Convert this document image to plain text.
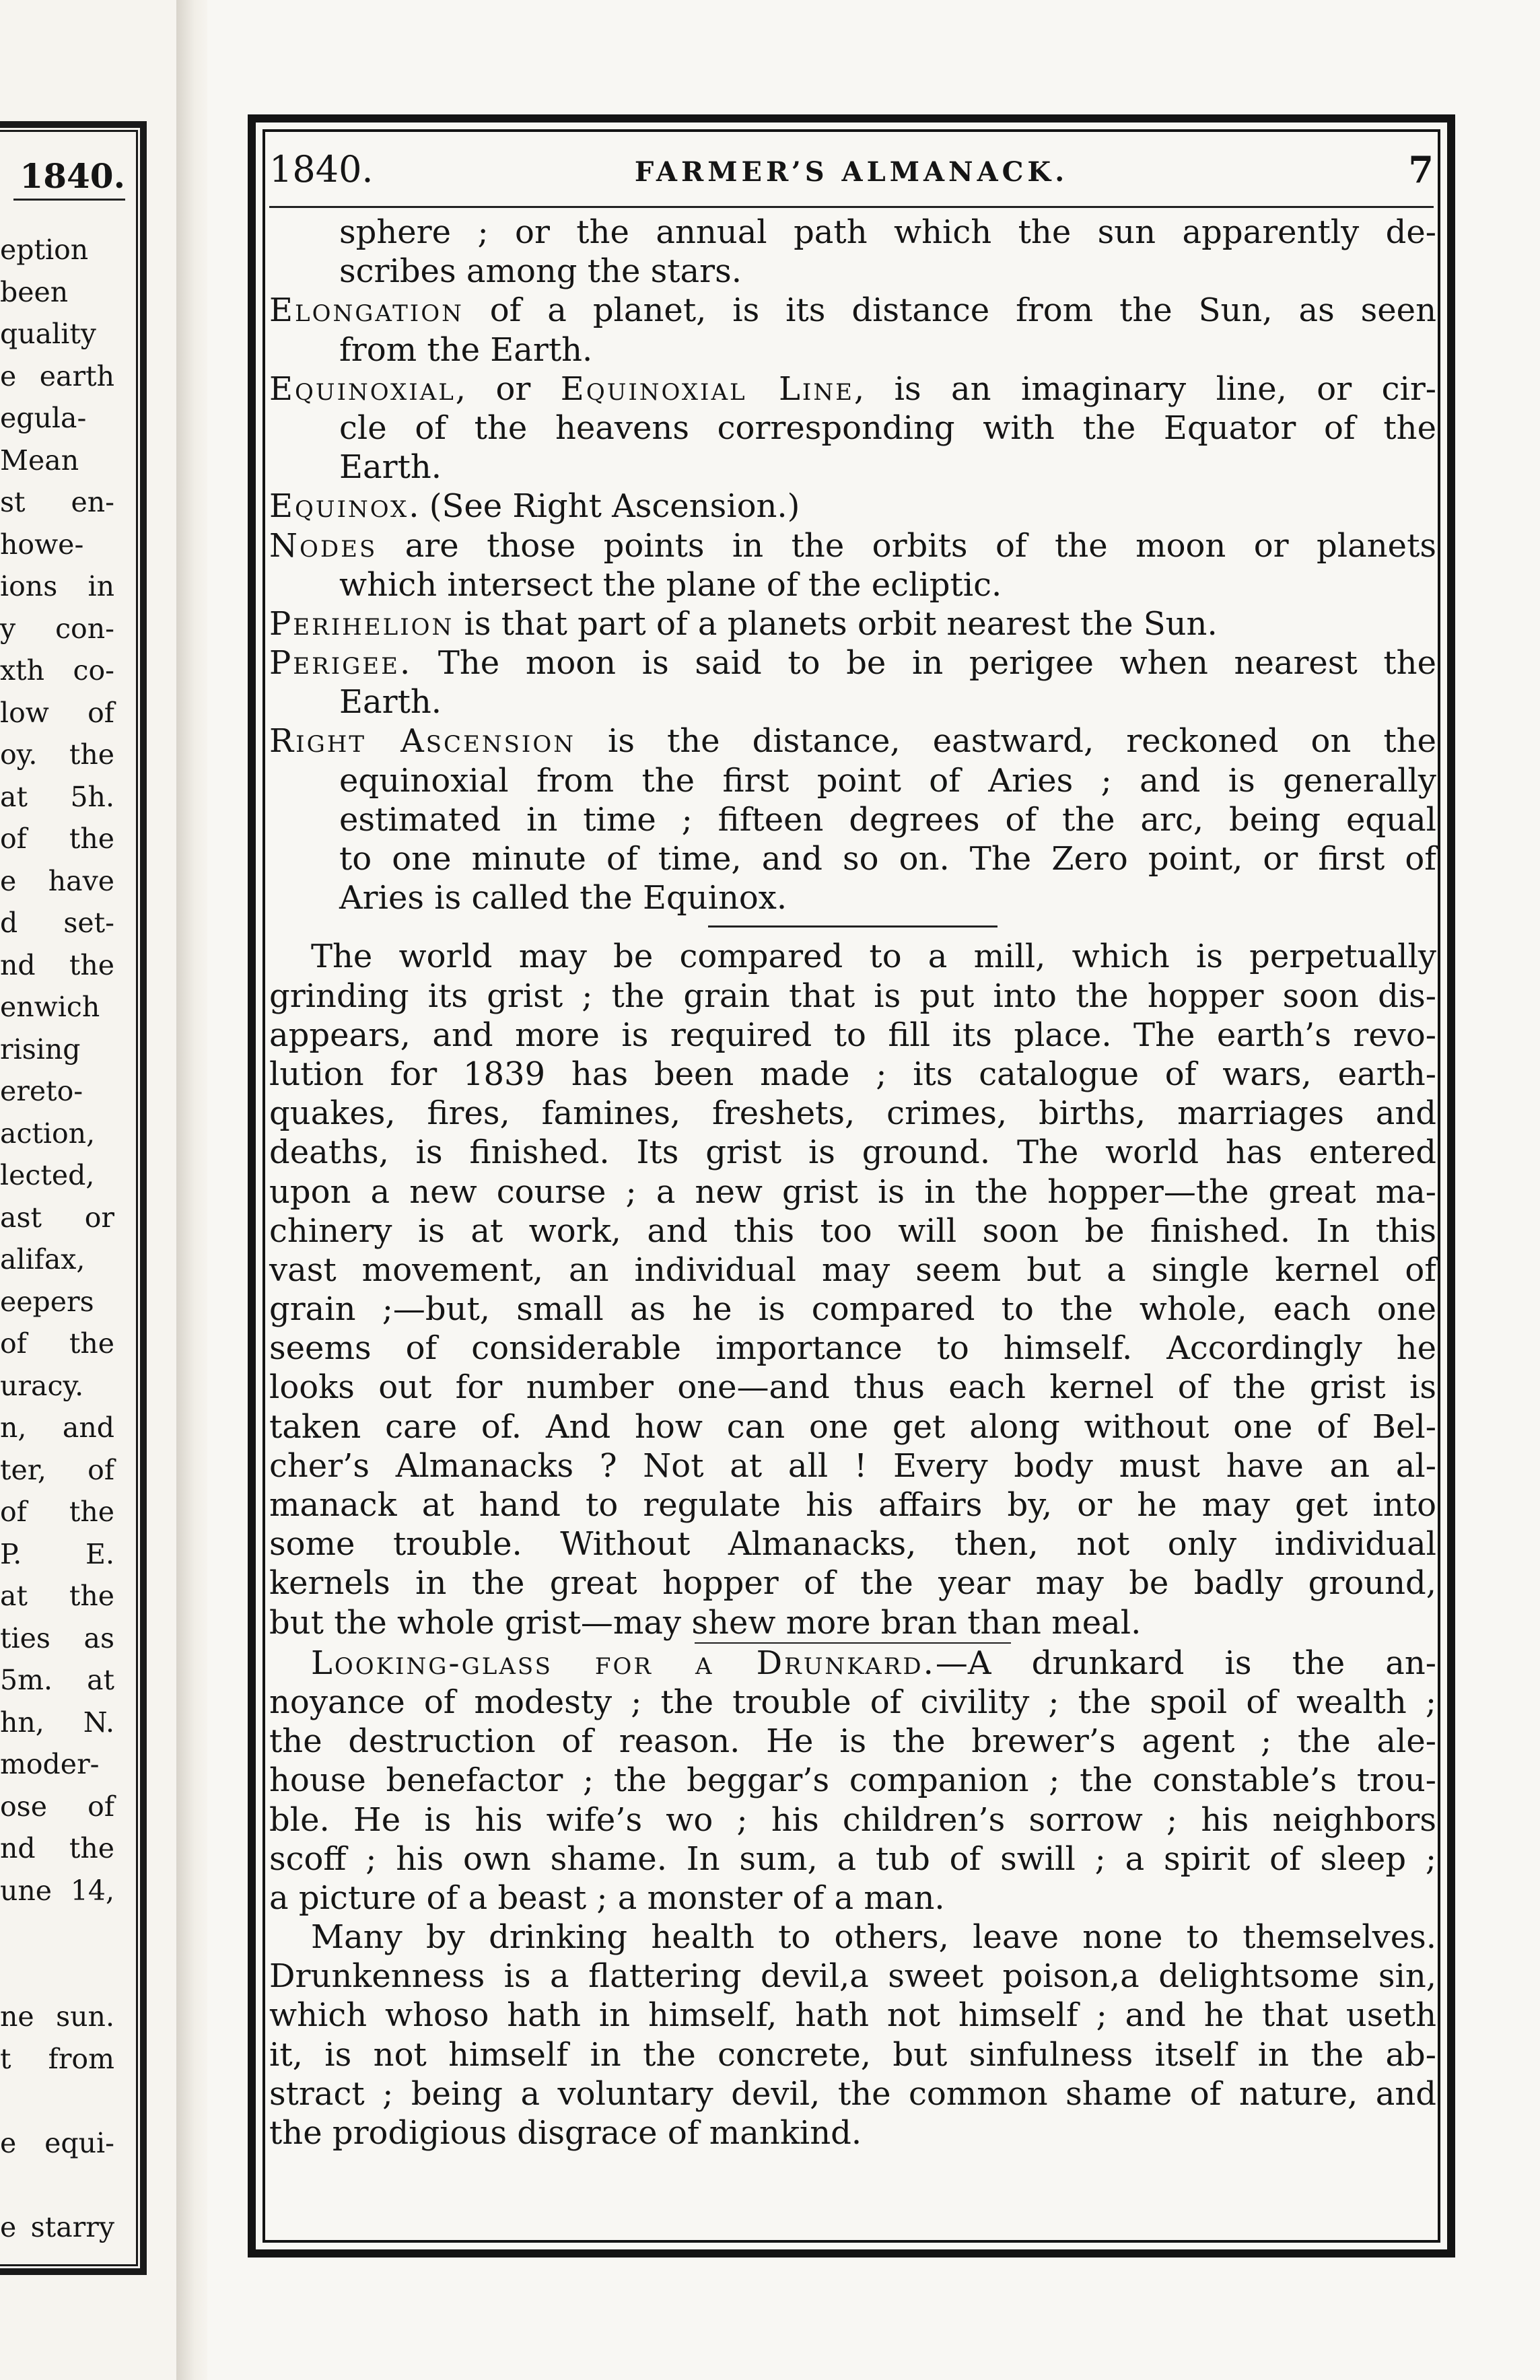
1840.
eption
been
quality
e earth
egula-
Mean
st en-
howe-
ions in
y con-
xth co-
low of
oy. the
at 5h.
of the
e have
d set-
nd the
enwich
rising
ereto-
action,
lected,
ast or
alifax,
eepers
of the
uracy.
n, and
ter, of
of the
P. E.
at the
ties as
5m. at
hn, N.
moder-
ose of
nd the
une 14,
ne sun.
t from
e equi-
e starry
1840.	FARMER’S ALMANACK.	7
sphere ; or the annual path which the sun apparently de-
scribes among the stars.
Elongation of a planet, is its distance from the Sun, as seen
from the Earth.
Equinoxial, or Equinoxial Line, is an imaginary line, or cir-
cle of the heavens corresponding with the Equator of the
Earth.
Equinox. (See Right Ascension.)
Nodes are those points in the orbits of the moon or planets
which intersect the plane of the ecliptic.
Perihelion is that part of a planets orbit nearest the Sun.
Perigee. The moon is said to be in perigee when nearest the
Earth.
Right Ascension is the distance, eastward, reckoned on the
equinoxial from the first point of Aries ; and is generally
estimated in time ; fifteen degrees of the arc, being equal
to one minute of time, and so on. The Zero point, or first of
Aries is called the Equinox.
The world may be compared to a mill, which is perpetually
grinding its grist ; the grain that is put into the hopper soon dis-
appears, and more is required to fill its place. The earth’s revo-
lution for 1839 has been made ; its catalogue of wars, earth-
quakes, fires, famines, freshets, crimes, births, marriages and
deaths, is finished. Its grist is ground. The world has entered
upon a new course ; a new grist is in the hopper—the great ma-
chinery is at work, and this too will soon be finished. In this
vast movement, an individual may seem but a single kernel of
grain ;—but, small as he is compared to the whole, each one
seems of considerable importance to himself. Accordingly he
looks out for number one—and thus each kernel of the grist is
taken care of. And how can one get along without one of Bel-
cher’s Almanacks ? Not at all ! Every body must have an al-
manack at hand to regulate his affairs by, or he may get into
some trouble. Without Almanacks, then, not only individual
kernels in the great hopper of the year may be badly ground,
but the whole grist—may shew more bran than meal.
Looking-glass for a Drunkard.—A drunkard is the an-
noyance of modesty ; the trouble of civility ; the spoil of wealth ;
the destruction of reason. He is the brewer’s agent ; the ale-
house benefactor ; the beggar’s companion ; the constable’s trou-
ble. He is his wife’s wo ; his children’s sorrow ; his neighbors
scoff ; his own shame. In sum, a tub of swill ; a spirit of sleep ;
a picture of a beast ; a monster of a man.
Many by drinking health to others, leave none to themselves.
Drunkenness is a flattering devil,a sweet poison,a delightsome sin,
which whoso hath in himself, hath not himself ; and he that useth
it, is not himself in the concrete, but sinfulness itself in the ab-
stract ; being a voluntary devil, the common shame of nature, and
the prodigious disgrace of mankind.
